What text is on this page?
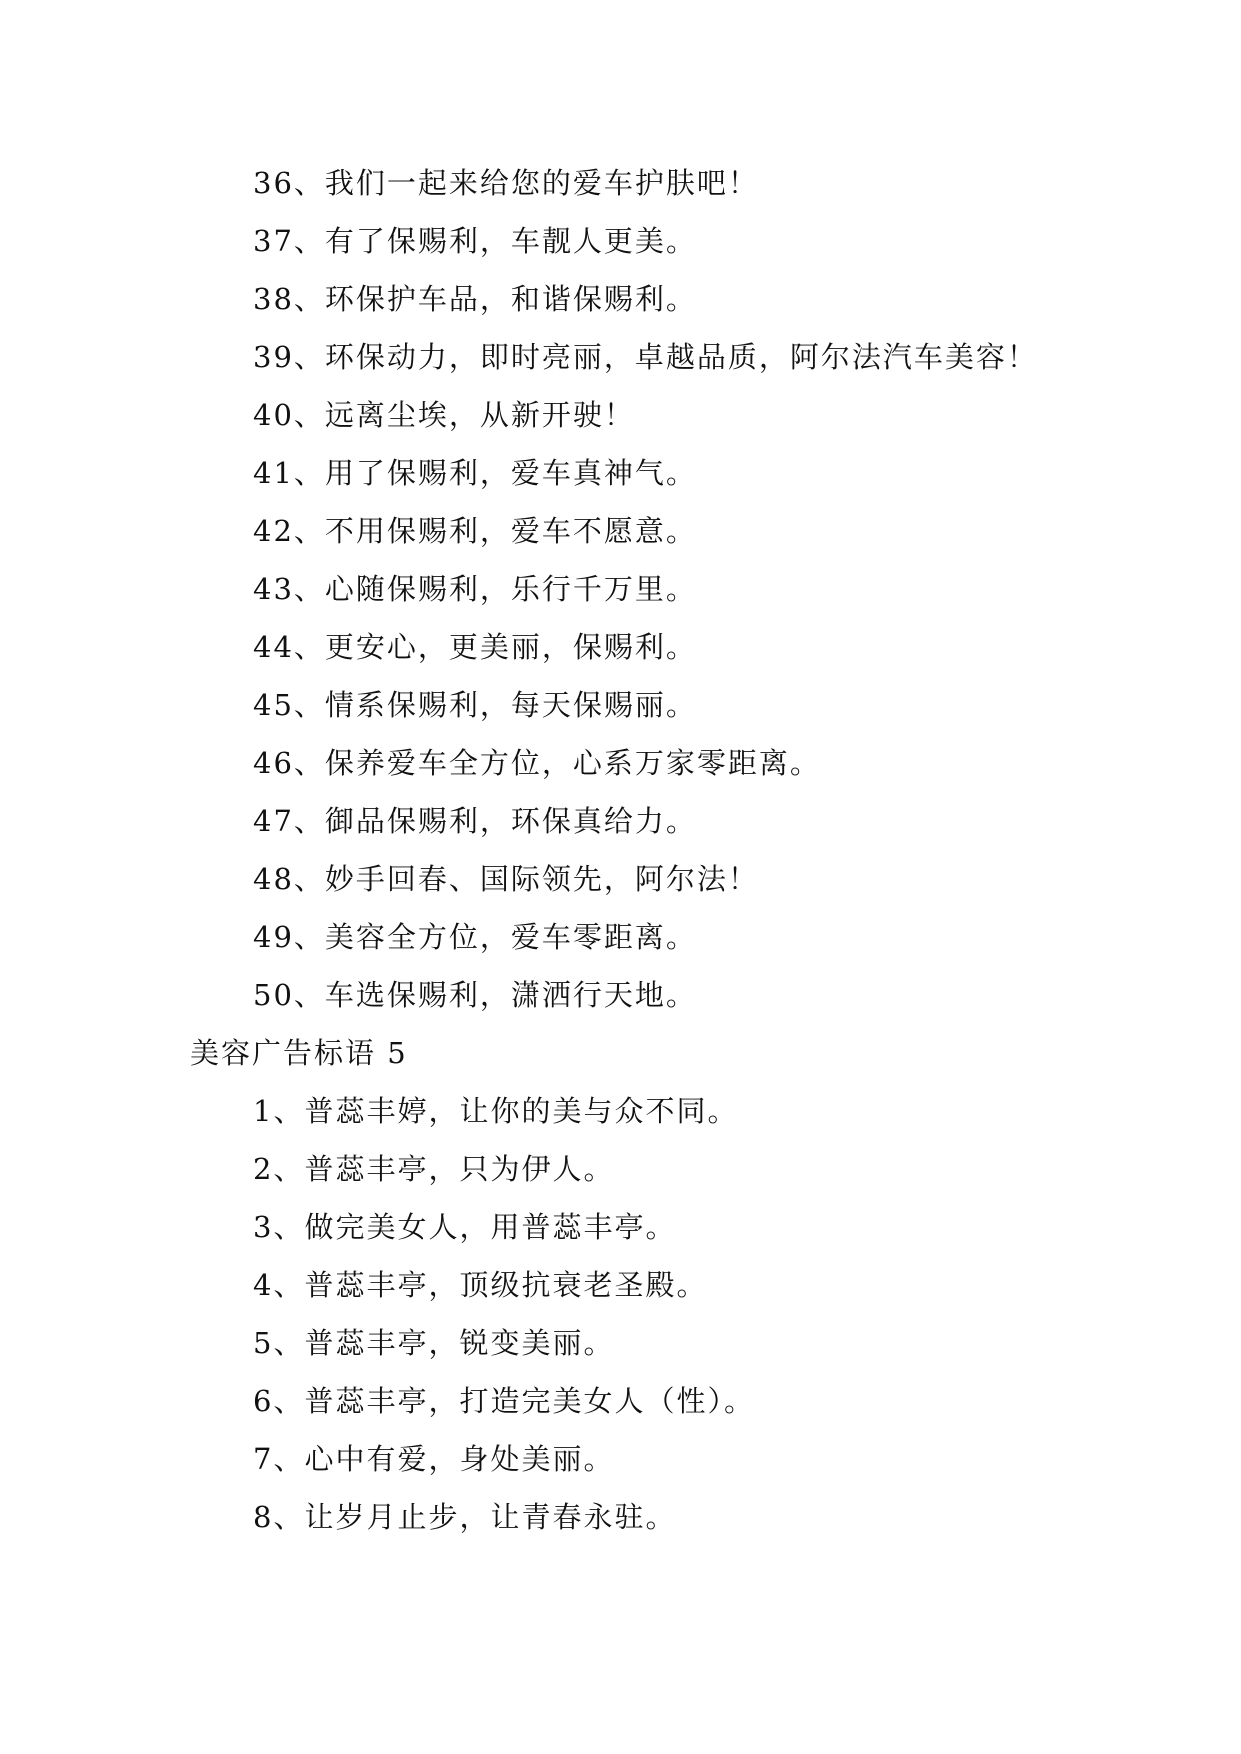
36、我们一起来给您的爱车护肤吧！
37、有了保赐利，车靓人更美。
38、环保护车品，和谐保赐利。
39、环保动力，即时亮丽，卓越品质，阿尔法汽车美容！
40、远离尘埃，从新开驶！
41、用了保赐利，爱车真神气。
42、不用保赐利，爱车不愿意。
43、心随保赐利，乐行千万里。
44、更安心，更美丽，保赐利。
45、情系保赐利，每天保赐丽。
46、保养爱车全方位，心系万家零距离。
47、御品保赐利，环保真给力。
48、妙手回春、国际领先，阿尔法！
49、美容全方位，爱车零距离。
50、车选保赐利，潇洒行天地。
美容广告标语 5
1、普蕊丰婷，让你的美与众不同。
2、普蕊丰亭，只为伊人。
3、做完美女人，用普蕊丰亭。
4、普蕊丰亭，顶级抗衰老圣殿。
5、普蕊丰亭，锐变美丽。
6、普蕊丰亭，打造完美女人（性）。
7、心中有爱，身处美丽。
8、让岁月止步，让青春永驻。
